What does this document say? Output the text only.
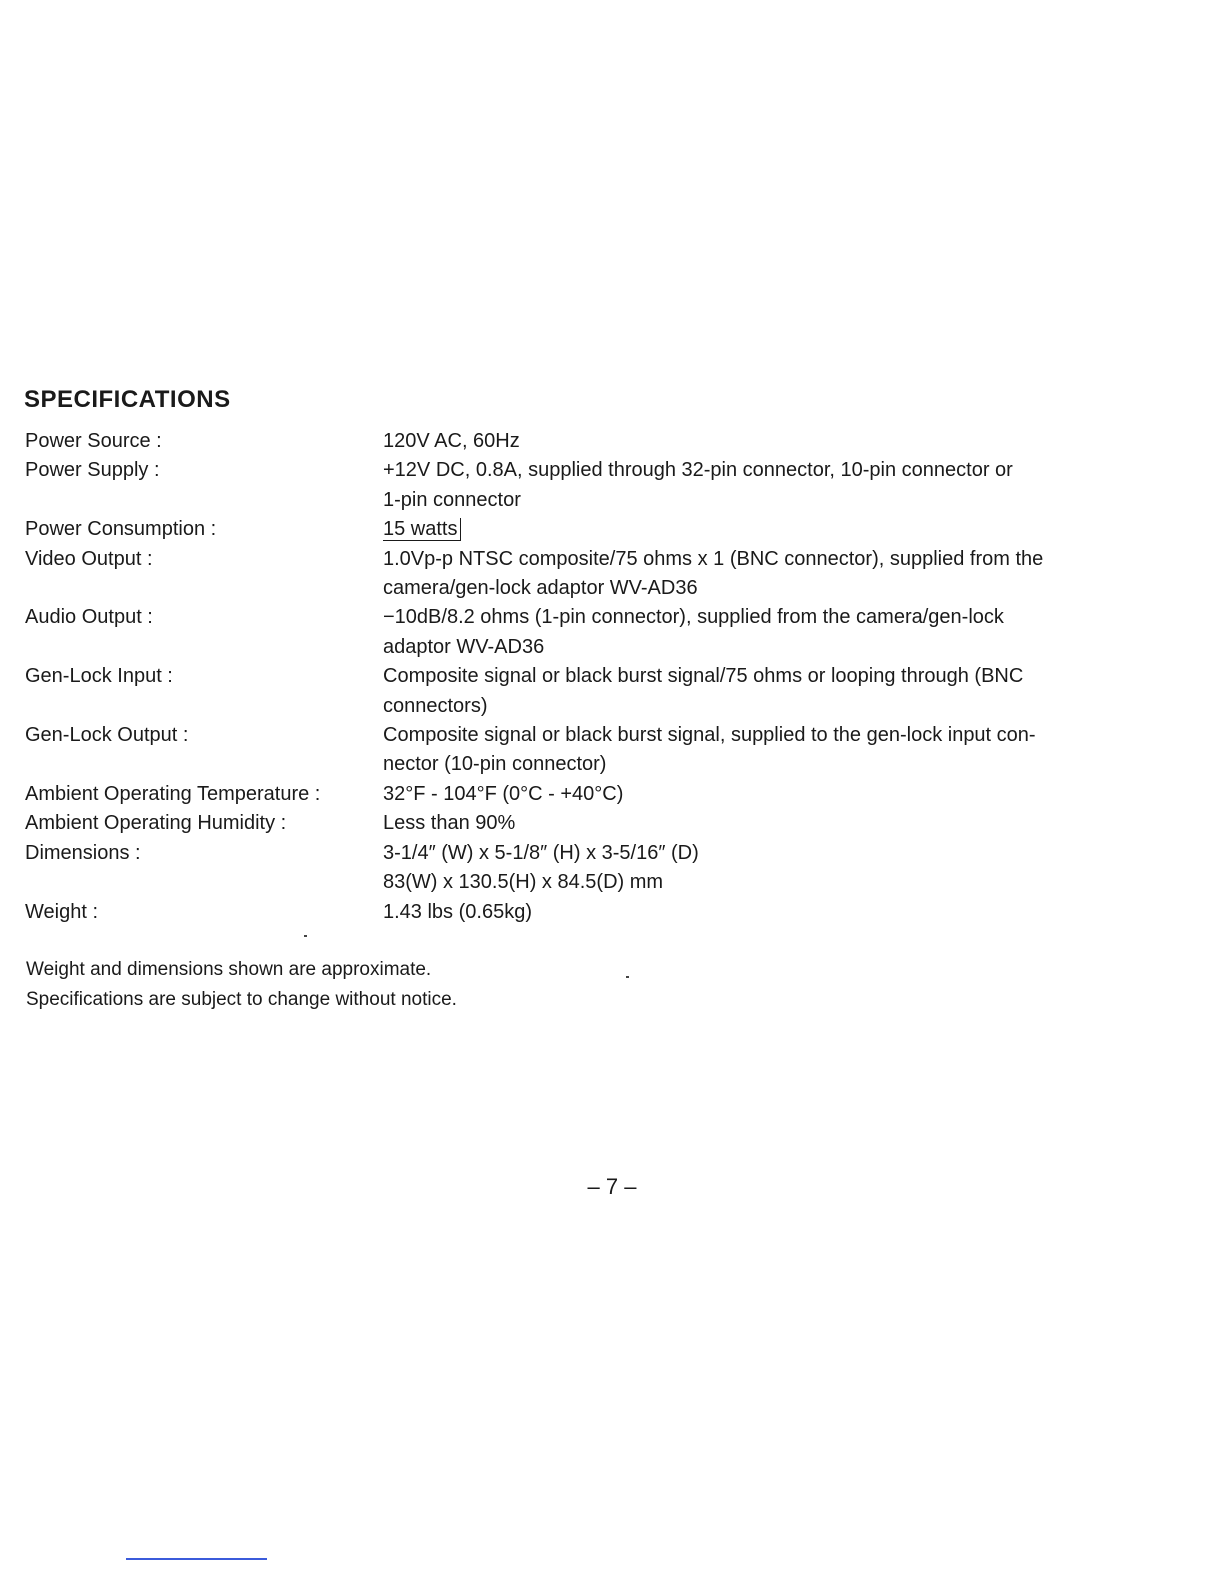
SPECIFICATIONS
Power Source :	120V AC, 60Hz
Power Supply :	+12V DC, 0.8A, supplied through 32-pin connector, 10-pin connector or
1-pin connector
Power Consumption :	15 watts
Video Output :	1.0Vp-p NTSC composite/75 ohms x 1 (BNC connector), supplied from the
camera/gen-lock adaptor WV-AD36
Audio Output :	−10dB/8.2 ohms (1-pin connector), supplied from the camera/gen-lock
adaptor WV-AD36
Gen-Lock Input :	Composite signal or black burst signal/75 ohms or looping through (BNC
connectors)
Gen-Lock Output :	Composite signal or black burst signal, supplied to the gen-lock input con-
nector (10-pin connector)
Ambient Operating Temperature :	32°F - 104°F (0°C - +40°C)
Ambient Operating Humidity :	Less than 90%
Dimensions :	3-1/4″ (W) x 5-1/8″ (H) x 3-5/16″ (D)
83(W) x 130.5(H) x 84.5(D) mm
Weight :	1.43 lbs (0.65kg)
Weight and dimensions shown are approximate.
Specifications are subject to change without notice.
– 7 –
